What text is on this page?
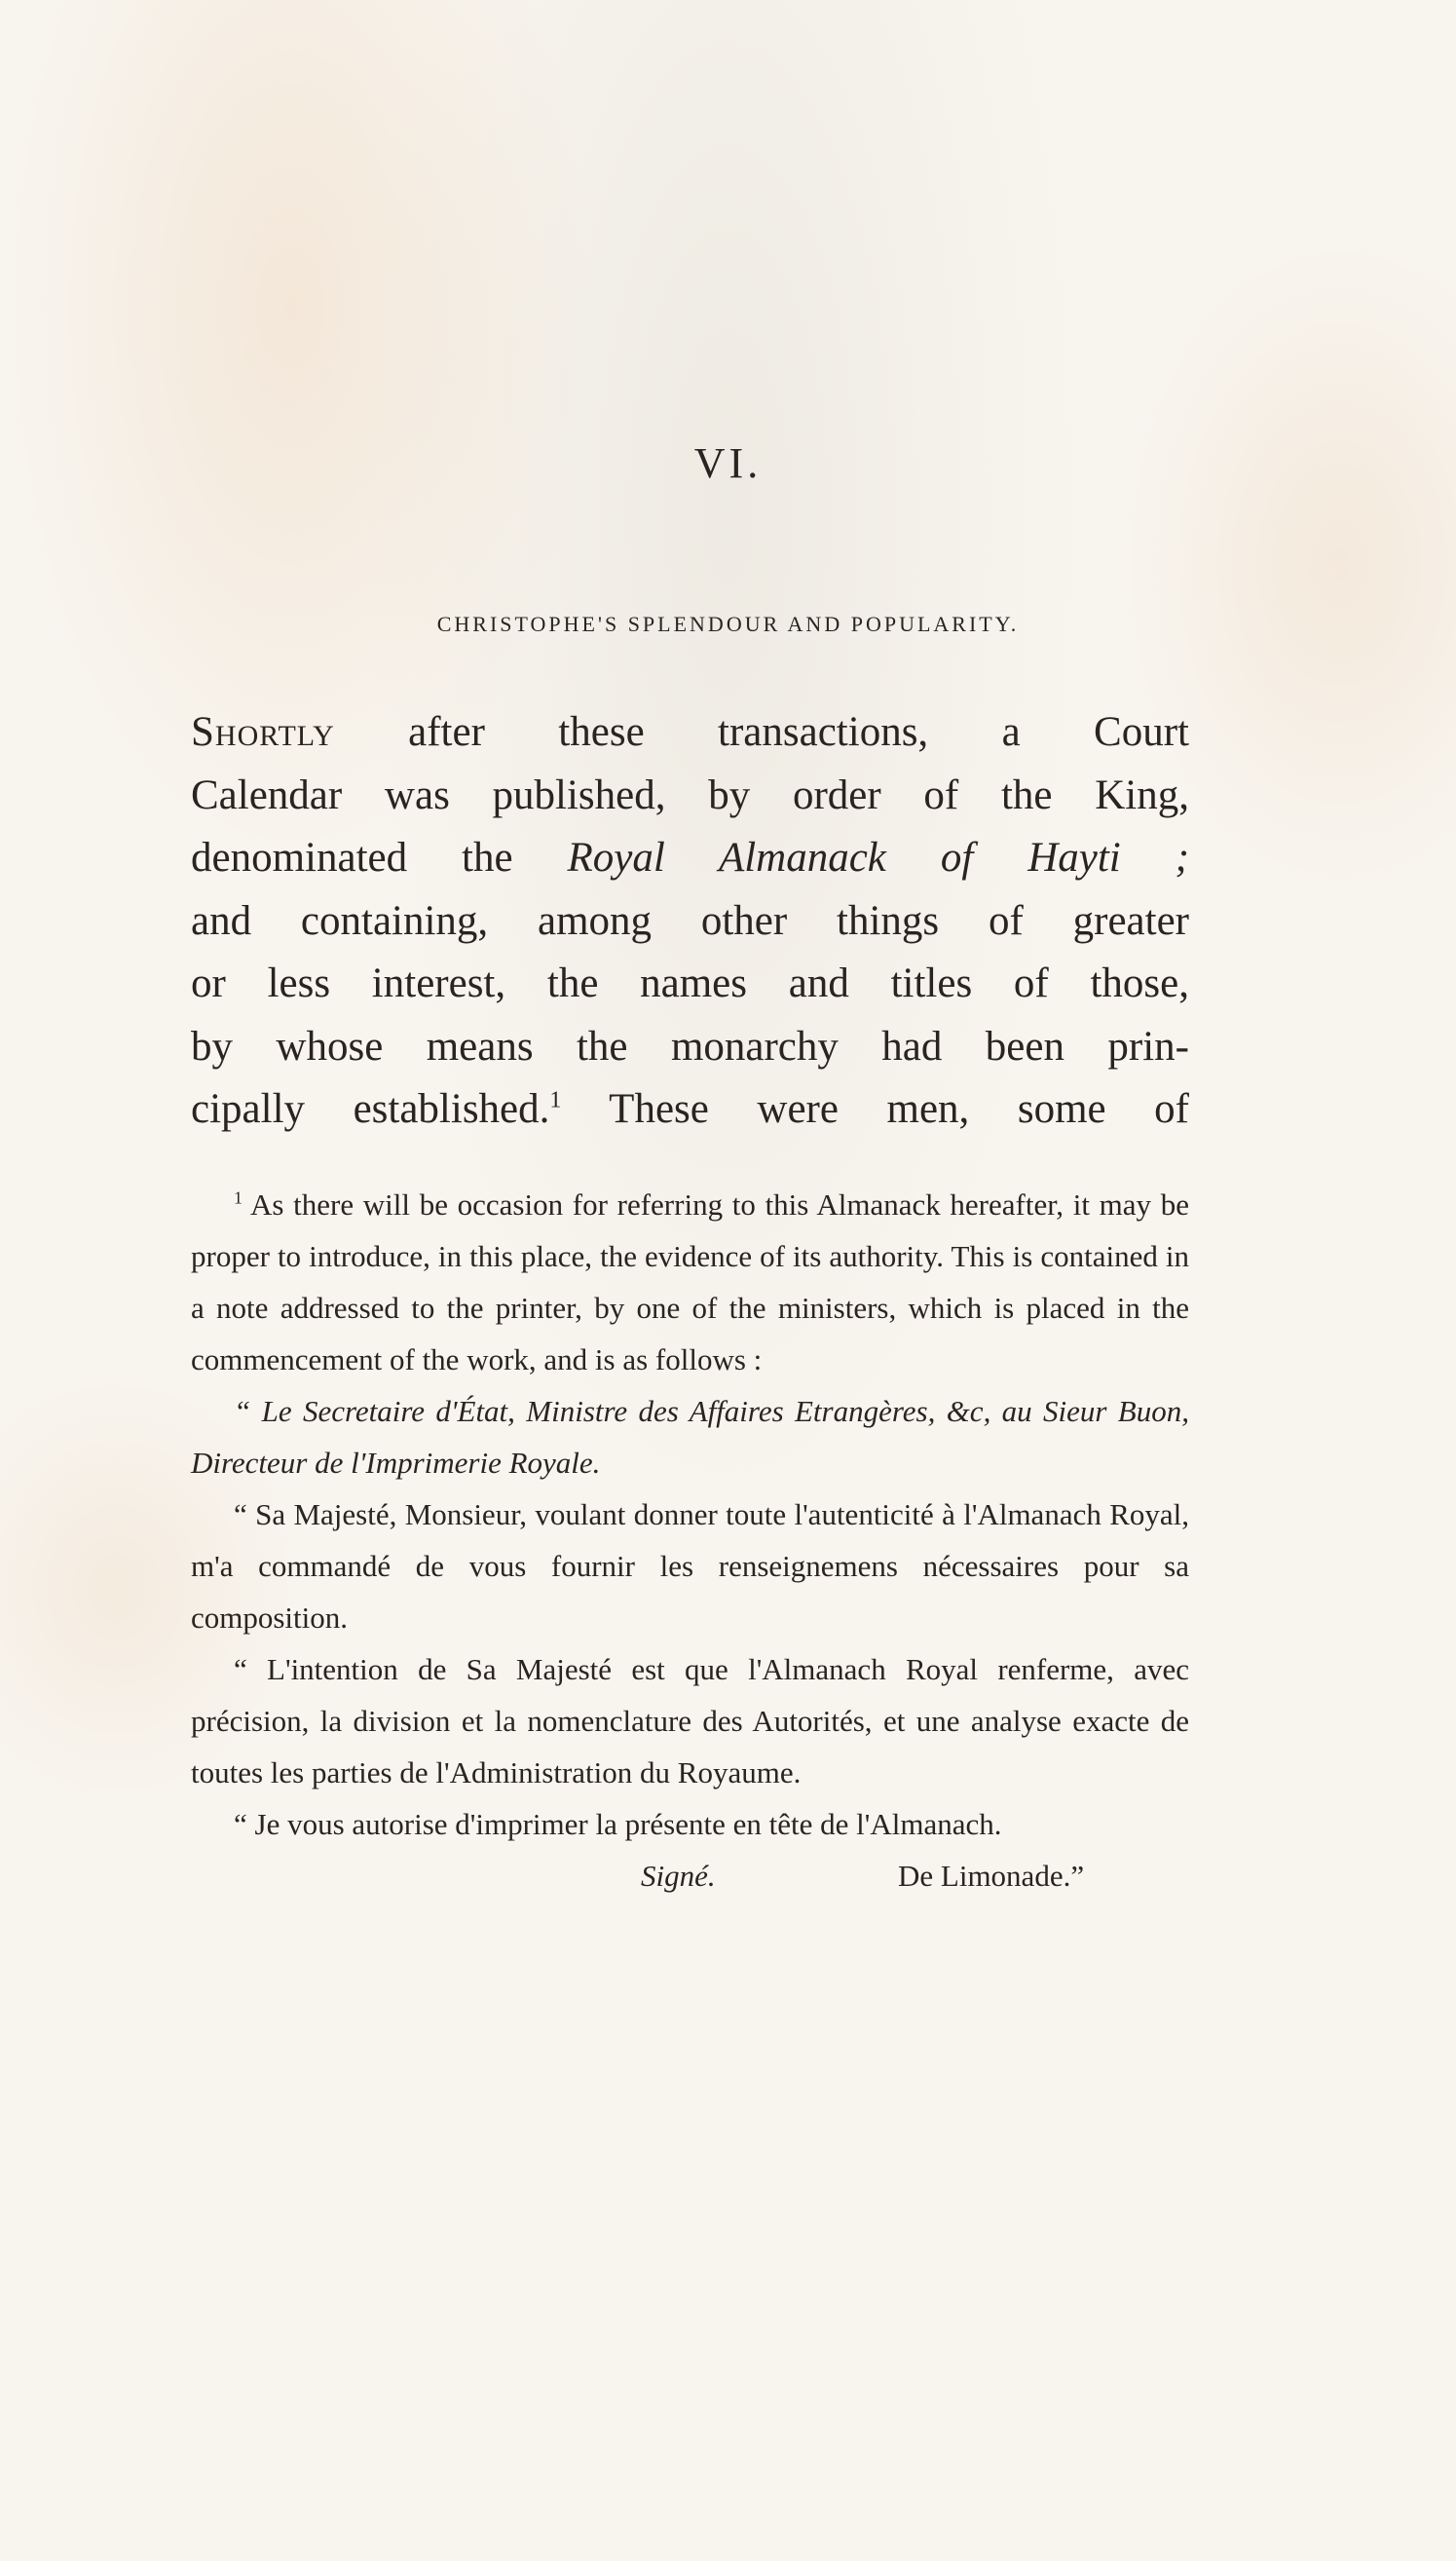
VI.
CHRISTOPHE'S SPLENDOUR AND POPULARITY.
Shortly after these transactions, a Court
Calendar was published, by order of the King,
denominated the Royal Almanack of Hayti ;
and containing, among other things of greater
or less interest, the names and titles of those,
by whose means the monarchy had been prin-
cipally established.$^1$ These were men, some of

$^1$ As there will be occasion for referring to this Almanack hereafter, it may be proper to introduce, in this place, the evidence of its authority. This is contained in a note addressed to the printer, by one of the ministers, which is placed in the commencement of the work, and is as follows :

“ Le Secretaire d'État, Ministre des Affaires Etrangères, &c, au Sieur Buon, Directeur de l'Imprimerie Royale.

“ Sa Majesté, Monsieur, voulant donner toute l'autenticité à l'Almanach Royal, m'a commandé de vous fournir les renseignemens nécessaires pour sa composition.

“ L'intention de Sa Majesté est que l'Almanach Royal renferme, avec précision, la division et la nomenclature des Autorités, et une analyse exacte de toutes les parties de l'Administration du Royaume.

“ Je vous autorise d'imprimer la présente en tête de l'Almanach.

Signé.	De Limonade.”
